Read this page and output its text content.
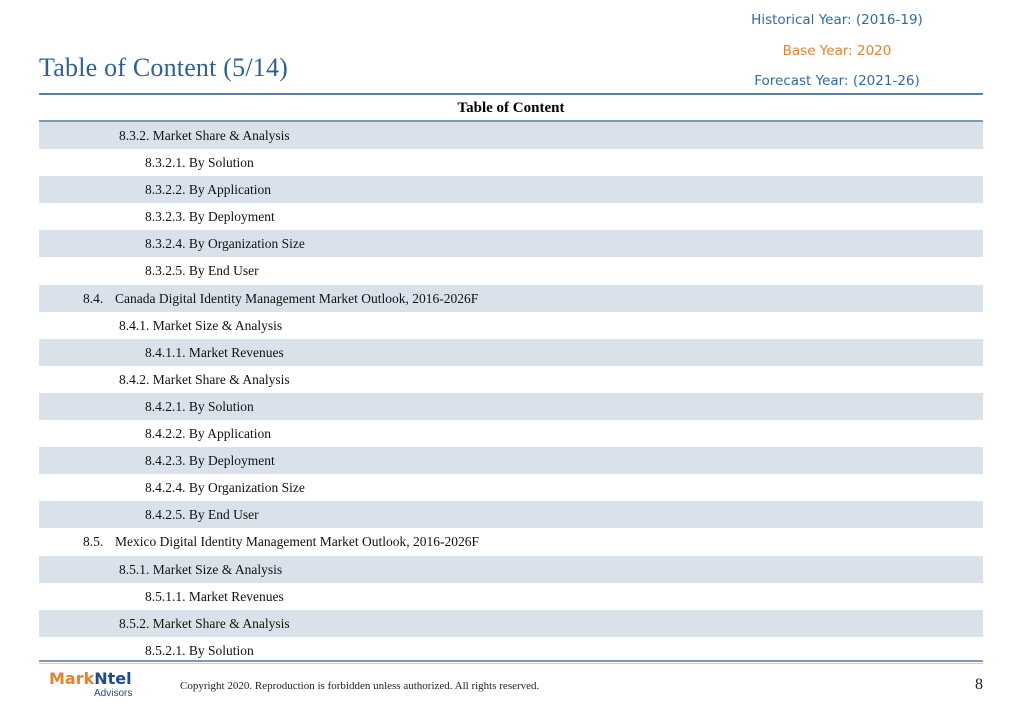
Historical Year: (2016-19)
Base Year: 2020
Forecast Year: (2021-26)
Table of Content (5/14)
Table of Content
8.3.2. Market Share & Analysis
8.3.2.1. By Solution
8.3.2.2. By Application
8.3.2.3. By Deployment
8.3.2.4. By Organization Size
8.3.2.5. By End User
8.4. Canada Digital Identity Management Market Outlook, 2016-2026F
8.4.1. Market Size & Analysis
8.4.1.1. Market Revenues
8.4.2. Market Share & Analysis
8.4.2.1. By Solution
8.4.2.2. By Application
8.4.2.3. By Deployment
8.4.2.4. By Organization Size
8.4.2.5. By End User
8.5. Mexico Digital Identity Management Market Outlook, 2016-2026F
8.5.1. Market Size & Analysis
8.5.1.1. Market Revenues
8.5.2. Market Share & Analysis
8.5.2.1. By Solution
MarkNtel
Advisors
Copyright 2020. Reproduction is forbidden unless authorized. All rights reserved.	8
